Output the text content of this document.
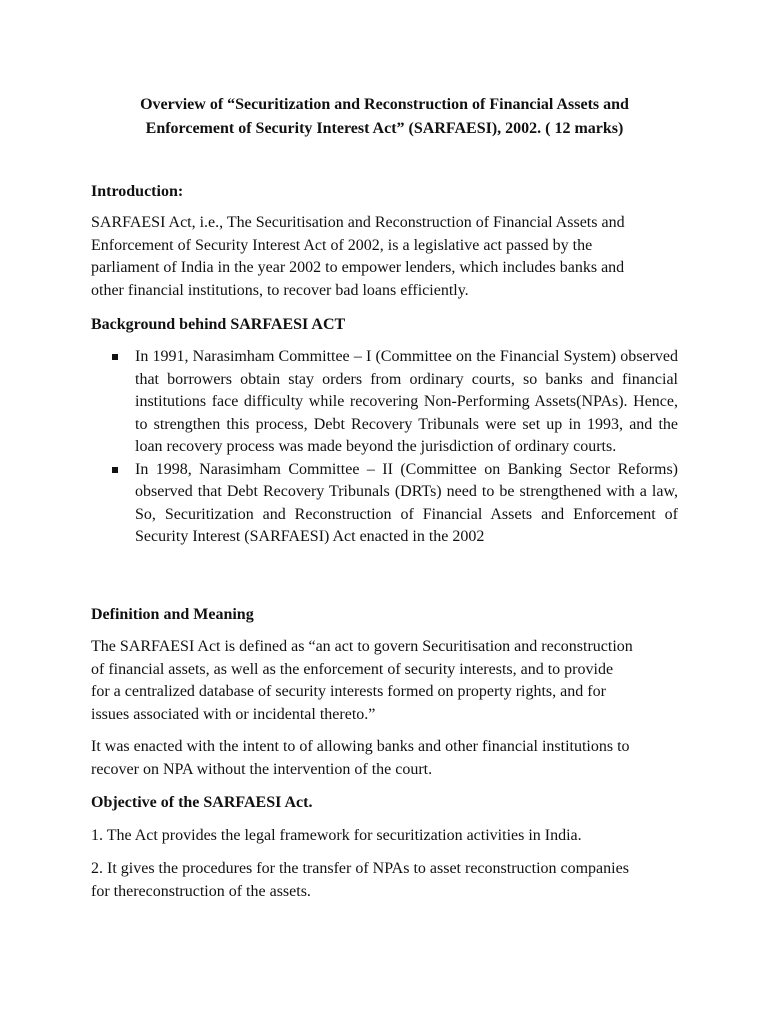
Overview of “Securitization and Reconstruction of Financial Assets and
Enforcement of Security Interest Act” (SARFAESI), 2002. ( 12 marks)
Introduction:
SARFAESI Act, i.e., The Securitisation and Reconstruction of Financial Assets and
Enforcement of Security Interest Act of 2002, is a legislative act passed by the
parliament of India in the year 2002 to empower lenders, which includes banks and
other financial institutions, to recover bad loans efficiently.
Background behind SARFAESI ACT
In 1991, Narasimham Committee – I (Committee on the Financial System) observed that borrowers obtain stay orders from ordinary courts, so banks and financial institutions face difficulty while recovering Non-Performing Assets(NPAs). Hence, to strengthen this process, Debt Recovery Tribunals were set up in 1993, and the loan recovery process was made beyond the jurisdiction of ordinary courts.
In 1998, Narasimham Committee – II (Committee on Banking Sector Reforms) observed that Debt Recovery Tribunals (DRTs) need to be strengthened with a law, So, Securitization and Reconstruction of Financial Assets and Enforcement of Security Interest (SARFAESI) Act enacted in the 2002
Definition and Meaning
The SARFAESI Act is defined as “an act to govern Securitisation and reconstruction
of financial assets, as well as the enforcement of security interests, and to provide
for a centralized database of security interests formed on property rights, and for
issues associated with or incidental thereto.”
It was enacted with the intent to of allowing banks and other financial institutions to
recover on NPA without the intervention of the court.
Objective of the SARFAESI Act.
1. The Act provides the legal framework for securitization activities in India.
2. It gives the procedures for the transfer of NPAs to asset reconstruction companies
for thereconstruction of the assets.
